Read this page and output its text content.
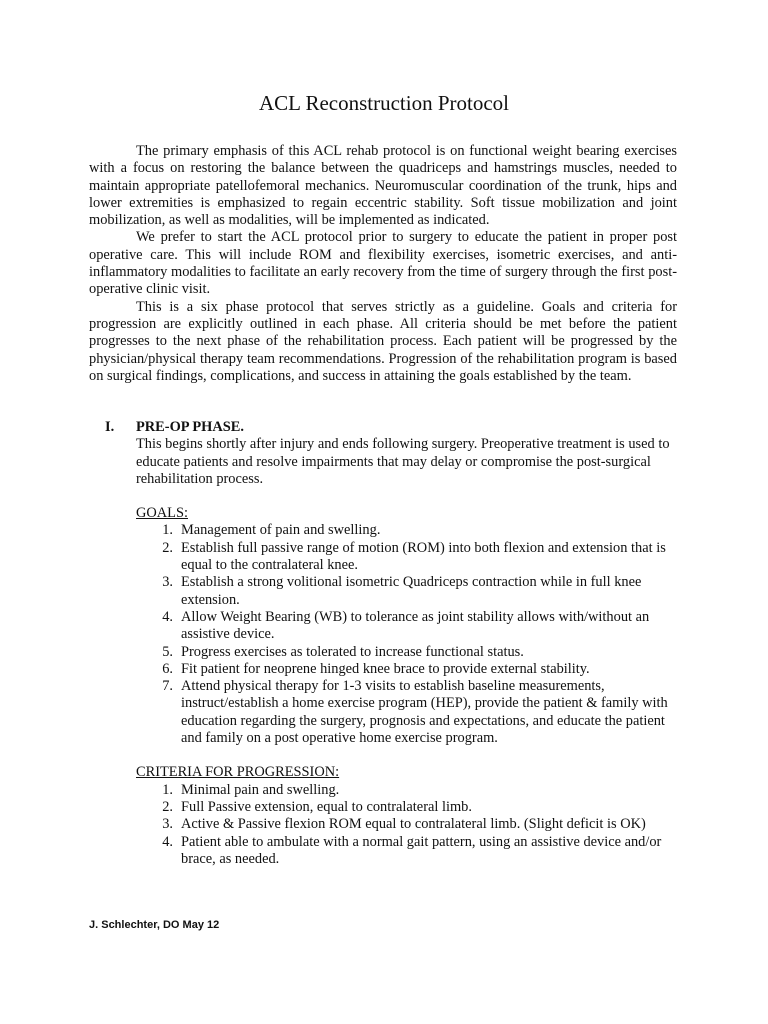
ACL Reconstruction Protocol

The primary emphasis of this ACL rehab protocol is on functional weight bearing exercises with a focus on restoring the balance between the quadriceps and hamstrings muscles, needed to maintain appropriate patellofemoral mechanics. Neuromuscular coordination of the trunk, hips and lower extremities is emphasized to regain eccentric stability. Soft tissue mobilization and joint mobilization, as well as modalities, will be implemented as indicated.

We prefer to start the ACL protocol prior to surgery to educate the patient in proper post operative care. This will include ROM and flexibility exercises, isometric exercises, and anti-inflammatory modalities to facilitate an early recovery from the time of surgery through the first post-operative clinic visit.

This is a six phase protocol that serves strictly as a guideline. Goals and criteria for progression are explicitly outlined in each phase. All criteria should be met before the patient progresses to the next phase of the rehabilitation process. Each patient will be progressed by the physician/physical therapy team recommendations. Progression of the rehabilitation program is based on surgical findings, complications, and success in attaining the goals established by the team.

I.	PRE-OP PHASE.

This begins shortly after injury and ends following surgery. Preoperative treatment is used to educate patients and resolve impairments that may delay or compromise the post-surgical rehabilitation process.

GOALS:
1. Management of pain and swelling.
2. Establish full passive range of motion (ROM) into both flexion and extension that is equal to the contralateral knee.
3. Establish a strong volitional isometric Quadriceps contraction while in full knee extension.
4. Allow Weight Bearing (WB) to tolerance as joint stability allows with/without an assistive device.
5. Progress exercises as tolerated to increase functional status.
6. Fit patient for neoprene hinged knee brace to provide external stability.
7. Attend physical therapy for 1-3 visits to establish baseline measurements, instruct/establish a home exercise program (HEP), provide the patient & family with education regarding the surgery, prognosis and expectations, and educate the patient and family on a post operative home exercise program.
CRITERIA FOR PROGRESSION:
1. Minimal pain and swelling.
2. Full Passive extension, equal to contralateral limb.
3. Active & Passive flexion ROM equal to contralateral limb. (Slight deficit is OK)
4. Patient able to ambulate with a normal gait pattern, using an assistive device and/or brace, as needed.
J. Schlechter, DO May 12
